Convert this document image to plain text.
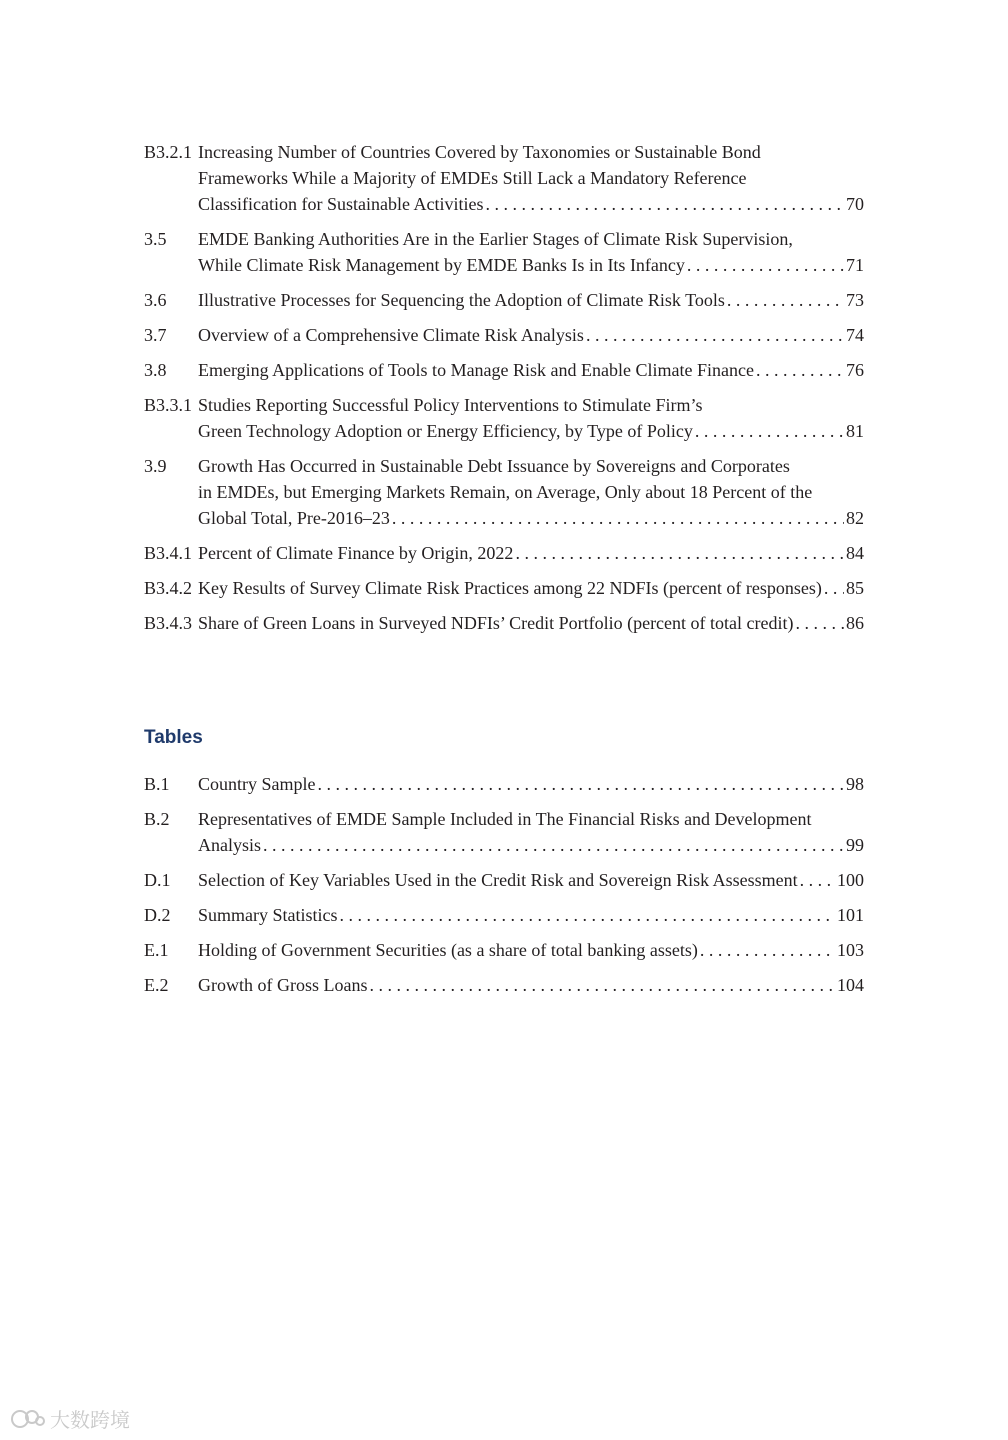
B3.2.1 Increasing Number of Countries Covered by Taxonomies or Sustainable Bond
Frameworks While a Majority of EMDEs Still Lack a Mandatory Reference
Classification for Sustainable Activities . . .	70
3.5	EMDE Banking Authorities Are in the Earlier Stages of Climate Risk Supervision,
While Climate Risk Management by EMDE Banks Is in Its Infancy . . .	71
3.6	Illustrative Processes for Sequencing the Adoption of Climate Risk Tools . . .	73
3.7	Overview of a Comprehensive Climate Risk Analysis . . .	74
3.8	Emerging Applications of Tools to Manage Risk and Enable Climate Finance . . .	76
B3.3.1 Studies Reporting Successful Policy Interventions to Stimulate Firm’s
Green Technology Adoption or Energy Efficiency, by Type of Policy . . .	81
3.9	Growth Has Occurred in Sustainable Debt Issuance by Sovereigns and Corporates
in EMDEs, but Emerging Markets Remain, on Average, Only about 18 Percent of the
Global Total, Pre-2016–23 . . .	82
B3.4.1 Percent of Climate Finance by Origin, 2022 . . .	84
B3.4.2 Key Results of Survey Climate Risk Practices among 22 NDFIs (percent of responses) . . . 85
B3.4.3 Share of Green Loans in Surveyed NDFIs’ Credit Portfolio (percent of total credit) . . .	86
Tables
B.1	Country Sample . . .	98
B.2	Representatives of EMDE Sample Included in The Financial Risks and Development
Analysis . . .	99
D.1	Selection of Key Variables Used in the Credit Risk and Sovereign Risk Assessment . . . 100
D.2	Summary Statistics . . .	101
E.1	Holding of Government Securities (as a share of total banking assets) . . .	103
E.2	Growth of Gross Loans . . .	104
大数跨境
